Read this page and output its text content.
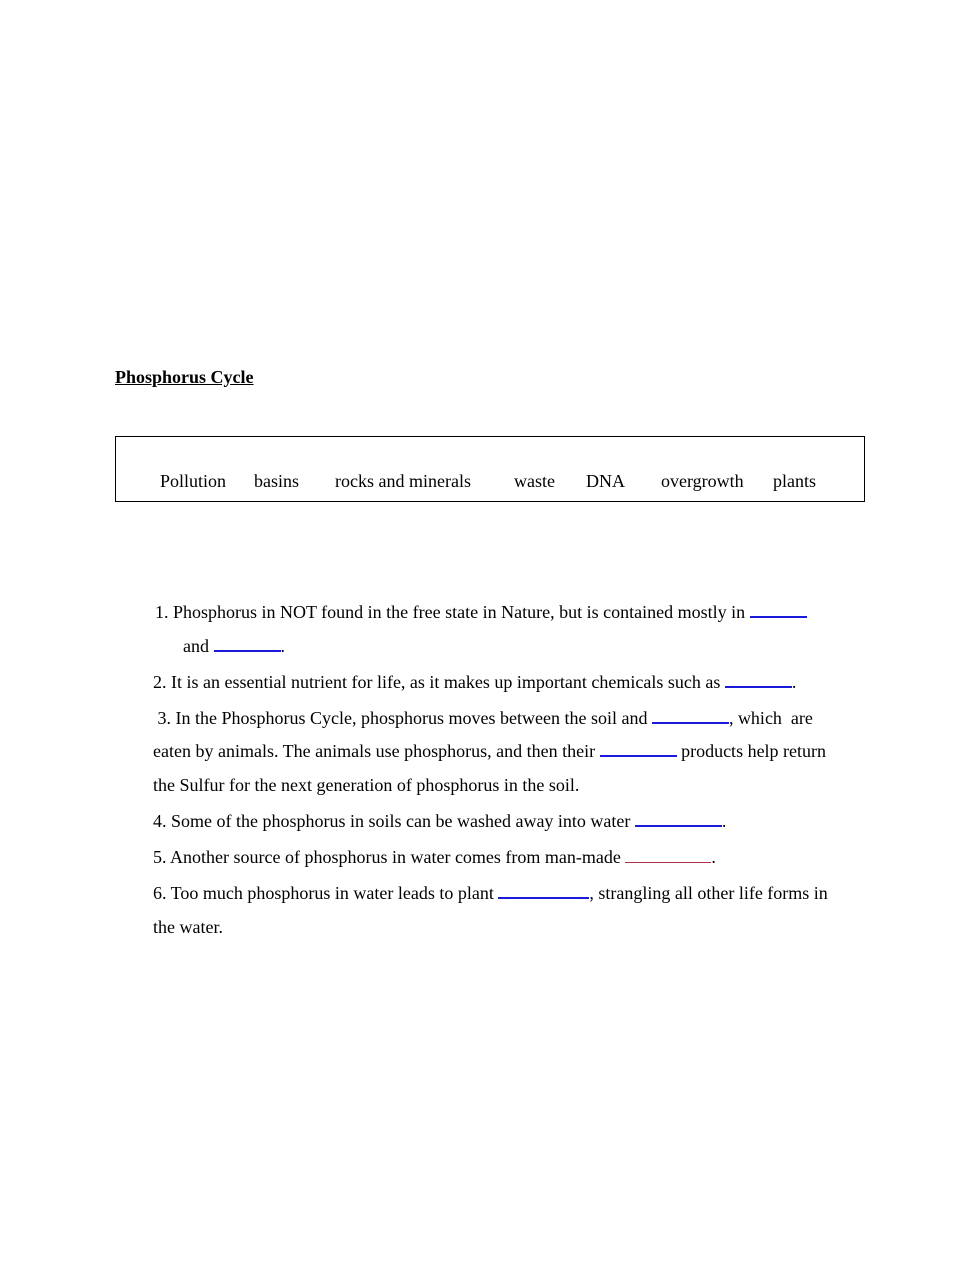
Phosphorus Cycle
Pollution basins rocks and minerals waste DNA overgrowth plants

1. Phosphorus in NOT found in the free state in Nature, but is contained mostly in

and	.

2. It is an essential nutrient for life, as it makes up important chemicals such as	.

3. In the Phosphorus Cycle, phosphorus moves between the soil and	, which  are

eaten by animals. The animals use phosphorus, and then their	products help return

the Sulfur for the next generation of phosphorus in the soil.

4. Some of the phosphorus in soils can be washed away into water	.

5. Another source of phosphorus in water comes from man-made	.

6. Too much phosphorus in water leads to plant	, strangling all other life forms in

the water.
